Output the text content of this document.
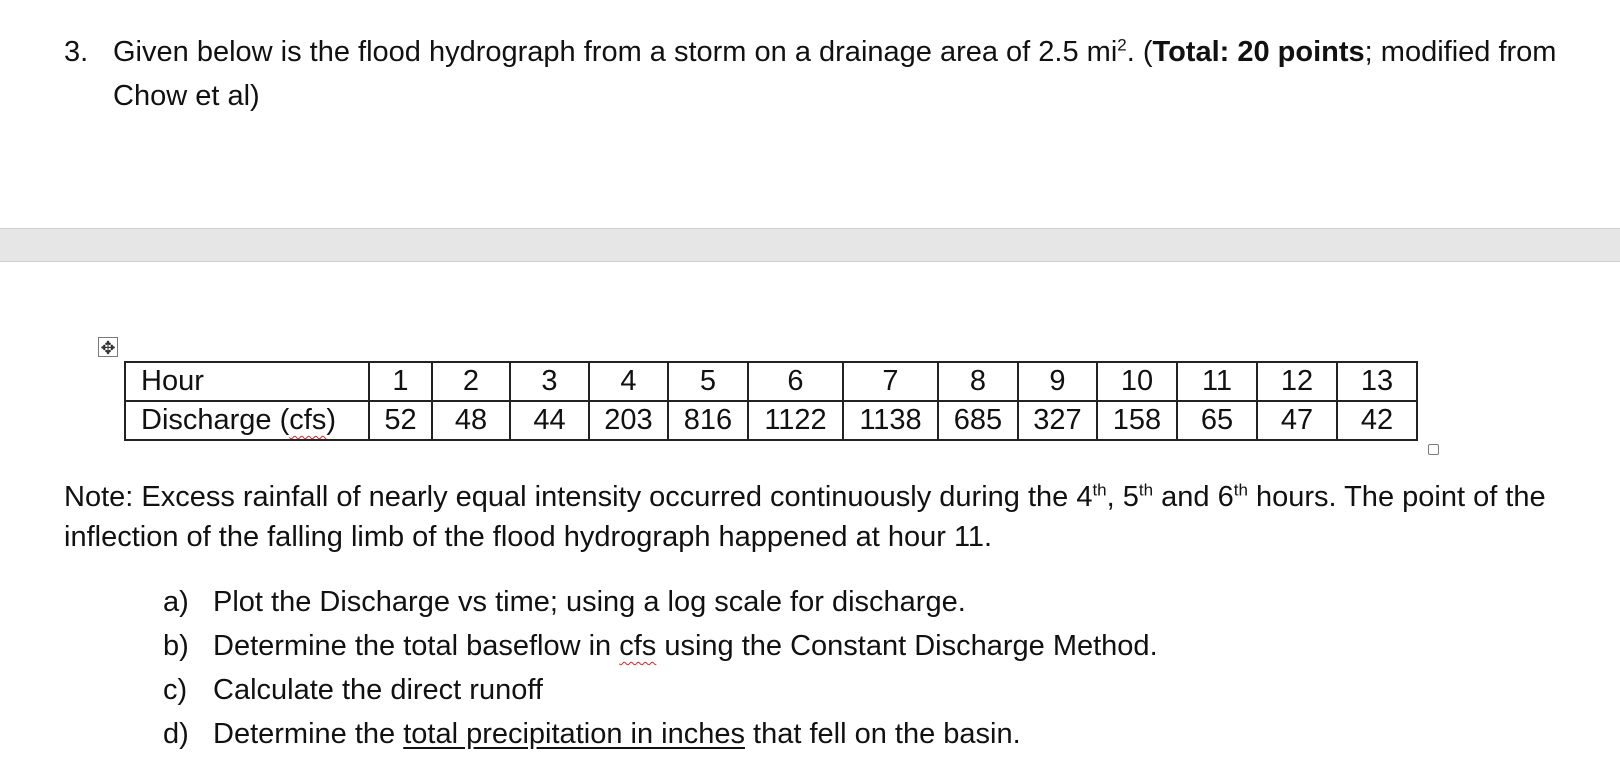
3. Given below is the flood hydrograph from a storm on a drainage area of 2.5 $mi^2$. (Total: 20 points; modified from Chow et al)
✥
Hour	1	2	3	4	5	6	7	8	9	10	11	12	13
Discharge (cfs)	52	48	44	203	816	1122	1138	685	327	158	65	47	42
Note: Excess rainfall of nearly equal intensity occurred continuously during the 4th, 5th and 6th hours. The point of the inflection of the falling limb of the flood hydrograph happened at hour 11.
a) Plot the Discharge vs time; using a log scale for discharge.
b) Determine the total baseflow in cfs using the Constant Discharge Method.
c) Calculate the direct runoff
d) Determine the total precipitation in inches that fell on the basin.
